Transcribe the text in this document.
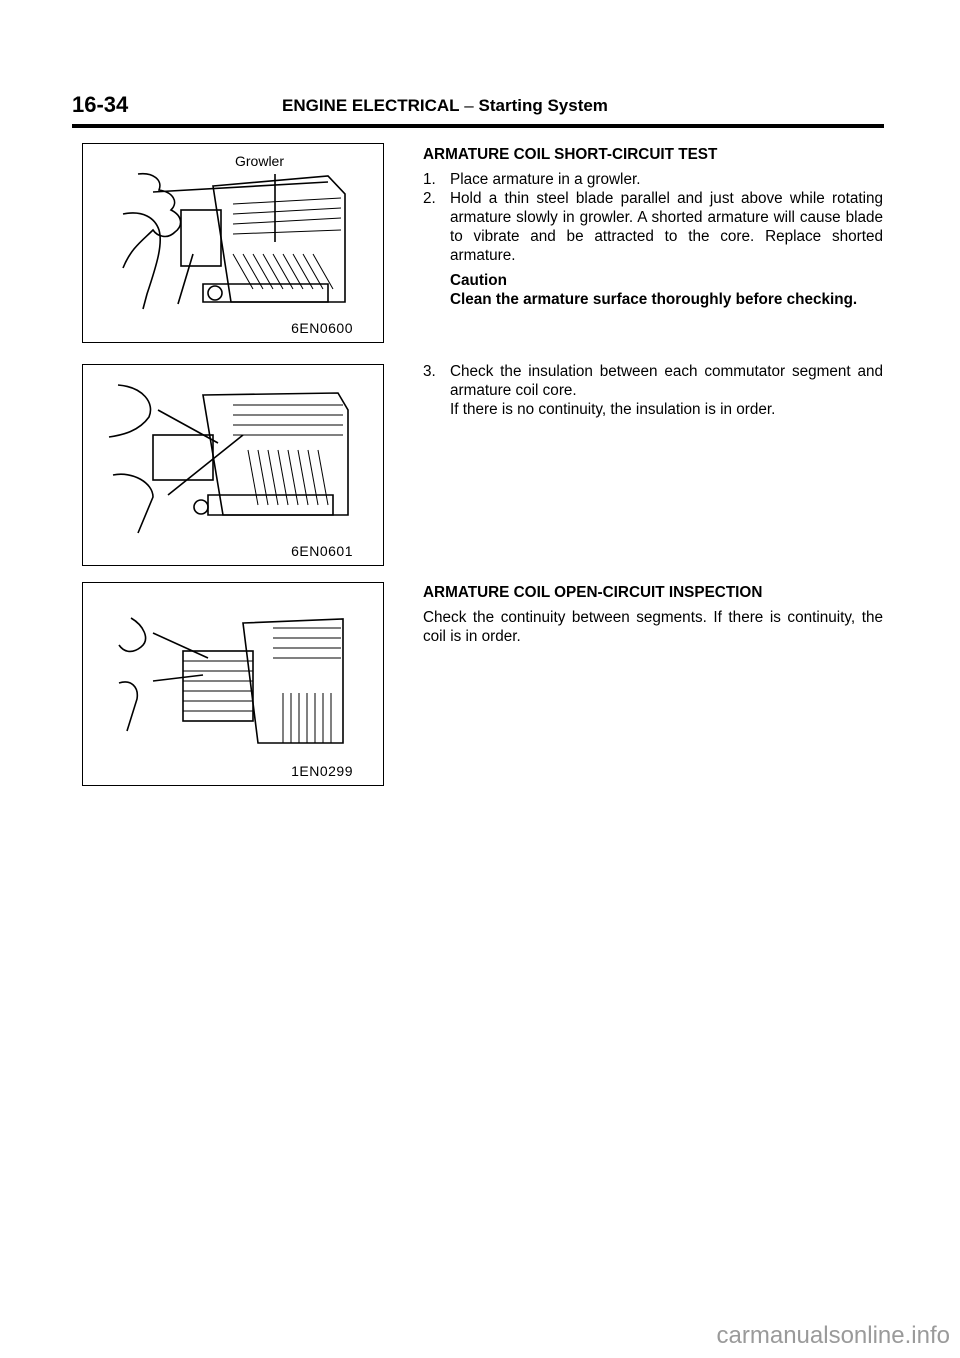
16-34	ENGINE ELECTRICAL – Starting System
Growler
6EN0600
6EN0601
1EN0299

ARMATURE COIL SHORT-CIRCUIT TEST

1. Place armature in a growler.
2. Hold a thin steel blade parallel and just above while rotating armature slowly in growler. A shorted armature will cause blade to vibrate and be attracted to the core. Replace shorted armature.

Caution

Clean the armature surface thoroughly before checking.

3. Check the insulation between each commutator segment and armature coil core.
If there is no continuity, the insulation is in order.

ARMATURE COIL OPEN-CIRCUIT INSPECTION

Check the continuity between segments. If there is continuity, the coil is in order.

carmanualsonline.info
